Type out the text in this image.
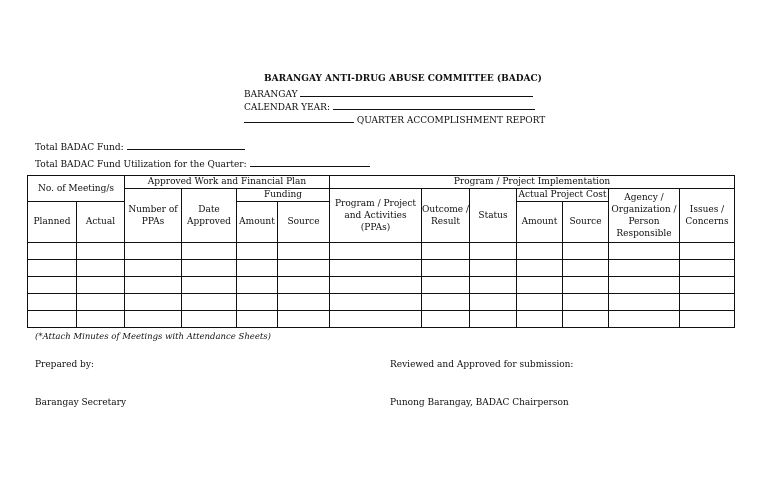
BARANGAY ANTI-DRUG ABUSE COMMITTEE (BADAC)
BARANGAY
CALENDAR YEAR:
QUARTER ACCOMPLISHMENT REPORT
Total BADAC Fund:
Total BADAC Fund Utilization for the Quarter:
No. of Meeting/s		Approved Work and Financial Plan				Program / Project Implementation						
		Number of PPAs	Date Approved	Funding		Program / Project and Activities (PPAs)	Outcome / Result	Status	Actual Project Cost		Agency / Organization / Person Responsible	Issues / Concerns
Planned	Actual			Amount	Source				Amount	Source		

(*Attach Minutes of Meetings with Attendance Sheets)
Prepared by:	Reviewed and Approved for submission:
Barangay Secretary	Punong Barangay, BADAC Chairperson
